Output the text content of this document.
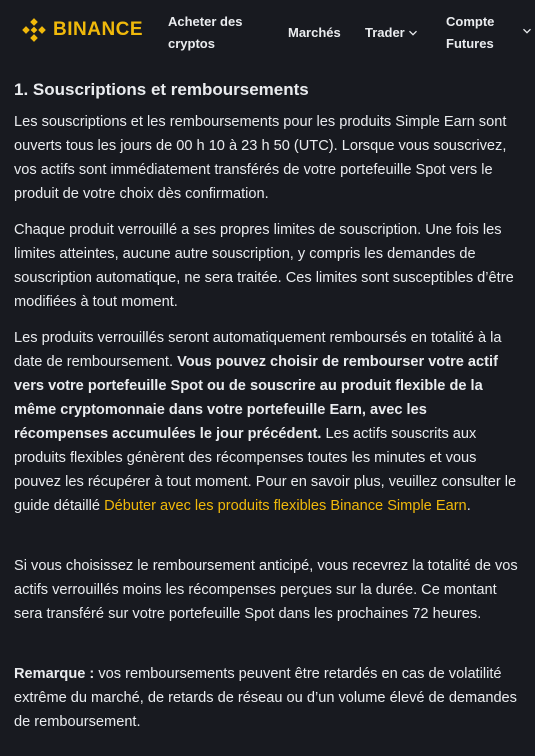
BINANCE Acheter des cryptos
Marchés Trader
Compte Futures
1. Souscriptions et remboursements

Les souscriptions et les remboursements pour les produits Simple Earn sont ouverts tous les jours de 00 h 10 à 23 h 50 (UTC). Lorsque vous souscrivez, vos actifs sont immédiatement transférés de votre portefeuille Spot vers le produit de votre choix dès confirmation.

Chaque produit verrouillé a ses propres limites de souscription. Une fois les limites atteintes, aucune autre souscription, y compris les demandes de souscription automatique, ne sera traitée. Ces limites sont susceptibles d’être modifiées à tout moment.

Les produits verrouillés seront automatiquement remboursés en totalité à la date de remboursement. Vous pouvez choisir de rembourser votre actif vers votre portefeuille Spot ou de souscrire au produit flexible de la même cryptomonnaie dans votre portefeuille Earn, avec les récompenses accumulées le jour précédent. Les actifs souscrits aux produits flexibles génèrent des récompenses toutes les minutes et vous pouvez les récupérer à tout moment. Pour en savoir plus, veuillez consulter le guide détaillé Débuter avec les produits flexibles Binance Simple Earn.

Si vous choisissez le remboursement anticipé, vous recevrez la totalité de vos actifs verrouillés moins les récompenses perçues sur la durée. Ce montant sera transféré sur votre portefeuille Spot dans les prochaines 72 heures.

Remarque : vos remboursements peuvent être retardés en cas de volatilité extrême du marché, de retards de réseau ou d’un volume élevé de demandes de remboursement.
